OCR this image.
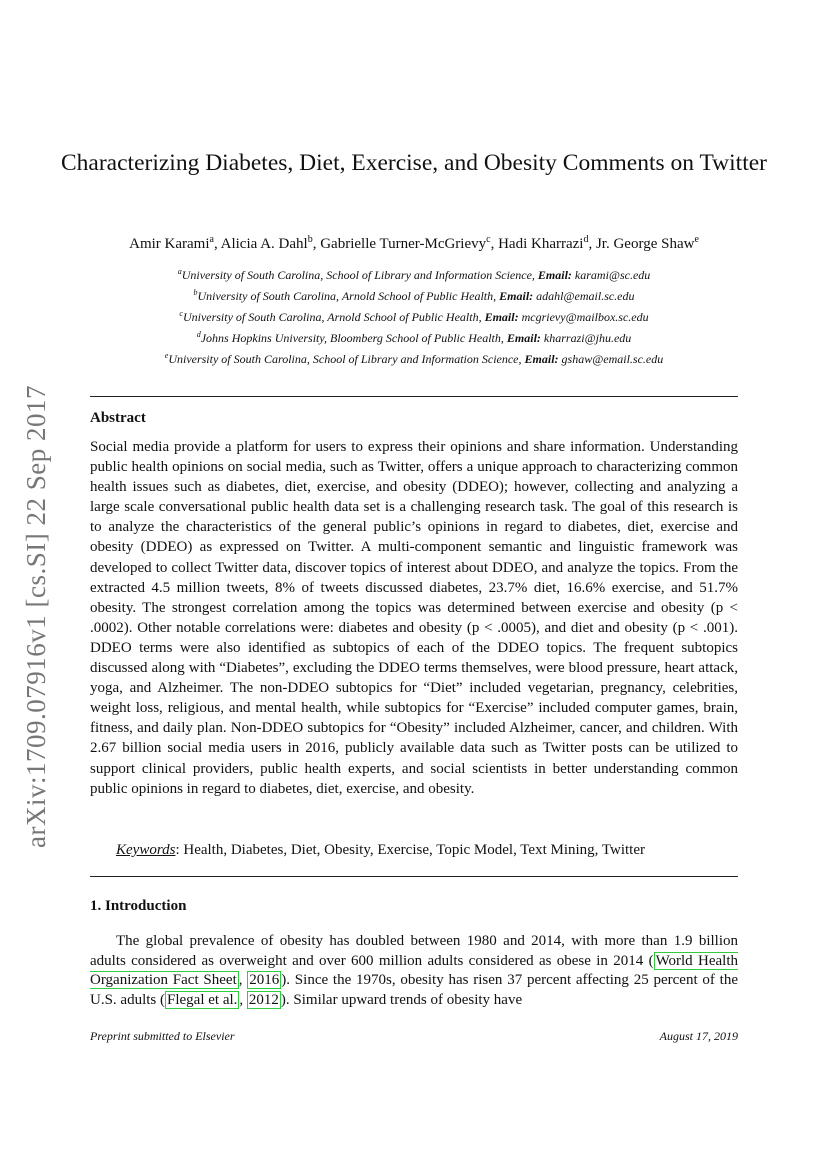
arXiv:1709.07916v1 [cs.SI] 22 Sep 2017
Characterizing Diabetes, Diet, Exercise, and Obesity Comments on Twitter
Amir Karami$^a$, Alicia A. Dahl$^b$, Gabrielle Turner-McGrievy$^c$, Hadi Kharrazi$^d$, Jr. George Shaw$^e$
$^a$University of South Carolina, School of Library and Information Science, Email: karami@sc.edu
$^b$University of South Carolina, Arnold School of Public Health, Email: adahl@email.sc.edu
$^c$University of South Carolina, Arnold School of Public Health, Email: mcgrievy@mailbox.sc.edu
$^d$Johns Hopkins University, Bloomberg School of Public Health, Email: kharrazi@jhu.edu
$^e$University of South Carolina, School of Library and Information Science, Email: gshaw@email.sc.edu
Abstract
Social media provide a platform for users to express their opinions and share information. Understanding public health opinions on social media, such as Twitter, offers a unique approach to characterizing common health issues such as diabetes, diet, exercise, and obesity (DDEO); however, collecting and analyzing a large scale conversational public health data set is a challenging research task. The goal of this research is to analyze the characteristics of the general public’s opinions in regard to diabetes, diet, exercise and obesity (DDEO) as expressed on Twitter. A multi-component semantic and linguistic framework was developed to collect Twitter data, discover topics of interest about DDEO, and analyze the topics. From the extracted 4.5 million tweets, 8% of tweets discussed diabetes, 23.7% diet, 16.6% exercise, and 51.7% obesity. The strongest correlation among the topics was determined between exercise and obesity (p < .0002). Other notable correlations were: diabetes and obesity (p < .0005), and diet and obesity (p < .001). DDEO terms were also identified as subtopics of each of the DDEO topics. The frequent subtopics discussed along with “Diabetes”, excluding the DDEO terms themselves, were blood pressure, heart attack, yoga, and Alzheimer. The non-DDEO subtopics for “Diet” included vegetarian, pregnancy, celebrities, weight loss, religious, and mental health, while subtopics for “Exercise” included computer games, brain, fitness, and daily plan. Non-DDEO subtopics for “Obesity” included Alzheimer, cancer, and children. With 2.67 billion social media users in 2016, publicly available data such as Twitter posts can be utilized to support clinical providers, public health experts, and social scientists in better understanding common public opinions in regard to diabetes, diet, exercise, and obesity.
Keywords: Health, Diabetes, Diet, Obesity, Exercise, Topic Model, Text Mining, Twitter
1. Introduction
The global prevalence of obesity has doubled between 1980 and 2014, with more than 1.9 billion adults considered as overweight and over 600 million adults considered as obese in 2014 ( World Health Organization Fact Sheet , 2016 ). Since the 1970s, obesity has risen 37 percent affecting 25 percent of the U.S. adults ( Flegal et al. , 2012 ). Similar upward trends of obesity have
Preprint submitted to Elsevier	August 17, 2019
